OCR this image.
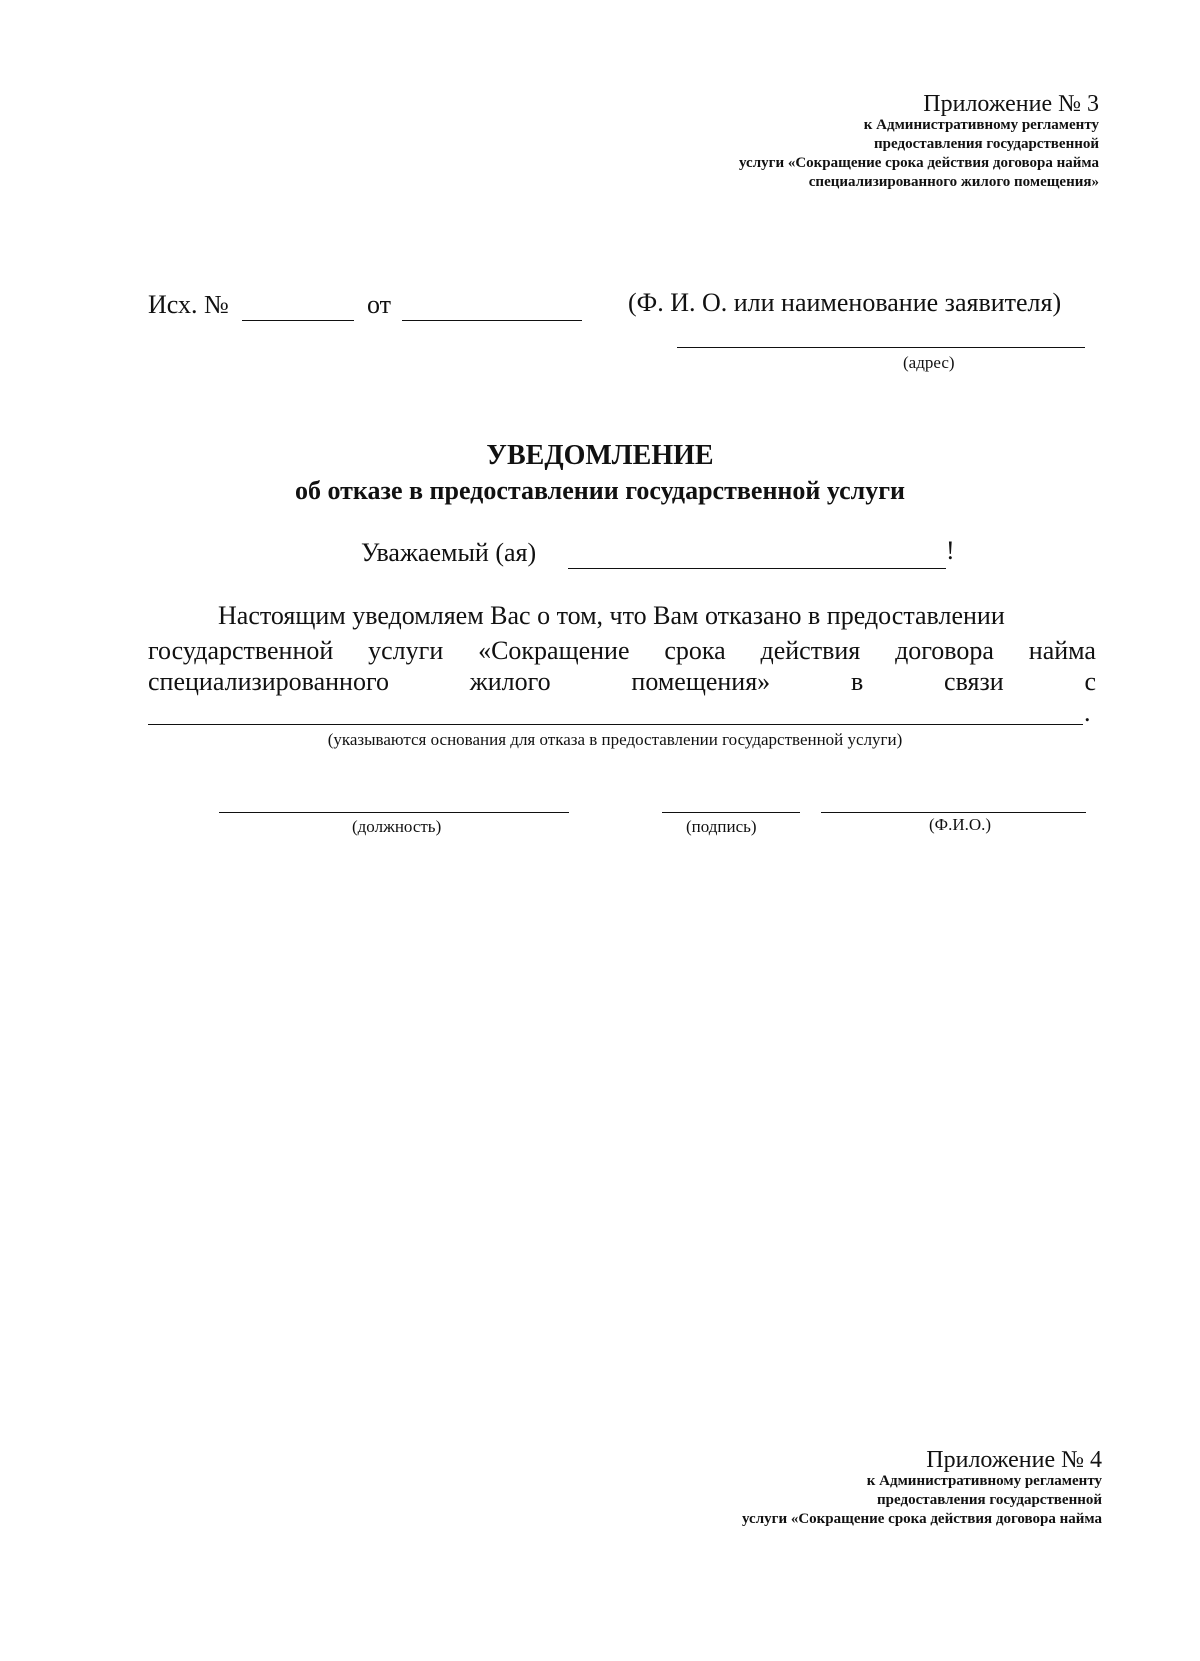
Приложение № 3
к Административному регламенту
предоставления государственной
услуги «Сокращение срока действия договора найма
специализированного жилого помещения»
Исх. №	от	(Ф. И. О. или наименование заявителя)
(адрес)
УВЕДОМЛЕНИЕ
об отказе в предоставлении государственной услуги
Уважаемый (ая)	!
Настоящим уведомляем Вас о том, что Вам отказано в предоставлении
государственной услуги «Сокращение срока действия договора найма
специализированного	жилого	помещения»	в	связи	с
.
(указываются основания для отказа в предоставлении государственной услуги)
(должность)	(подпись)	(Ф.И.О.)
Приложение № 4
к Административному регламенту
предоставления государственной
услуги «Сокращение срока действия договора найма
